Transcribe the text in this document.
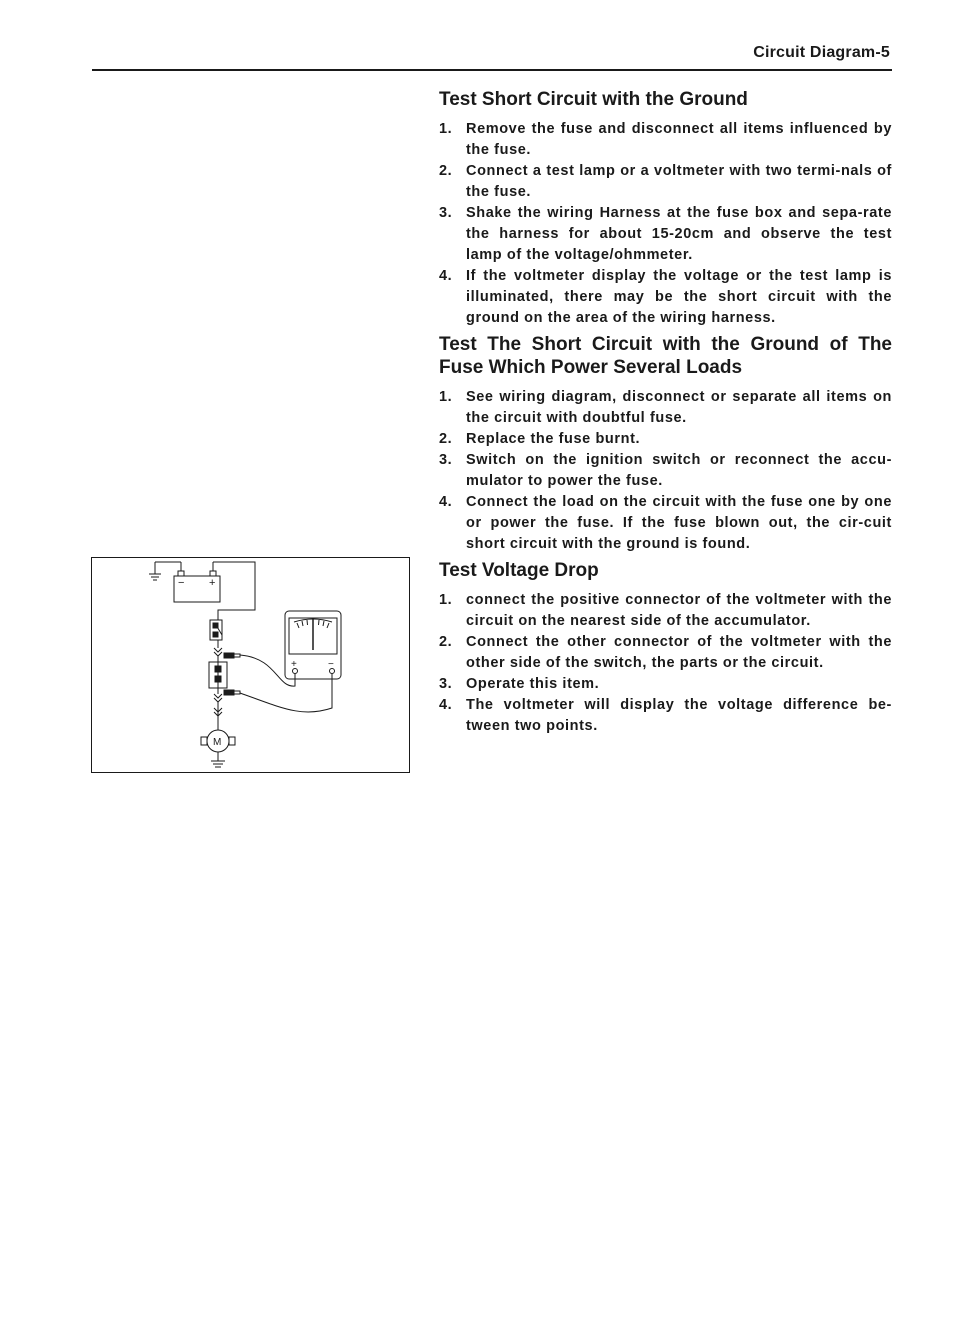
Circuit Diagram-5
Test Short Circuit with the Ground
1. Remove the fuse and disconnect all items influenced by the fuse.
2. Connect a test lamp or a voltmeter with two termi-nals of the fuse.
3. Shake the wiring Harness at the fuse box and sepa-rate the harness for about 15-20cm and observe the test lamp of the voltage/ohmmeter.
4. If the voltmeter display the voltage or the test lamp is illuminated, there may be the short circuit with the ground on the area of the wiring harness.
Test The Short Circuit with the Ground of The Fuse Which Power Several Loads
1. See wiring diagram, disconnect or separate all items on the circuit with doubtful fuse.
2. Replace the fuse burnt.
3. Switch on the ignition switch or reconnect the accu-mulator to power the fuse.
4. Connect the load on the circuit with the fuse one by one or power the fuse. If the fuse blown out, the cir-cuit short circuit with the ground is found.
Test Voltage Drop
1. connect the positive connector of the voltmeter with the circuit on the nearest side of the accumulator.
2. Connect the other connector of the voltmeter with the other side of the switch, the parts or the circuit.
3. Operate this item.
4. The voltmeter will display the voltage difference be-tween two points.
− +
M
+	−
